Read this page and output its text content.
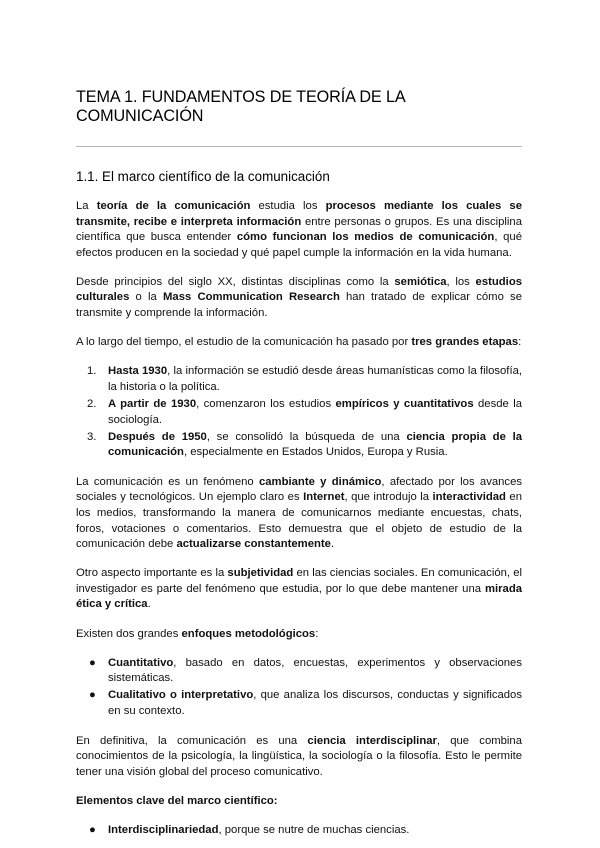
TEMA 1. FUNDAMENTOS DE TEORÍA DE LA COMUNICACIÓN
1.1. El marco científico de la comunicación

La teoría de la comunicación estudia los procesos mediante los cuales se transmite, recibe e interpreta información entre personas o grupos. Es una disciplina científica que busca entender cómo funcionan los medios de comunicación, qué efectos producen en la sociedad y qué papel cumple la información en la vida humana.

Desde principios del siglo XX, distintas disciplinas como la semiótica, los estudios culturales o la Mass Communication Research han tratado de explicar cómo se transmite y comprende la información.

A lo largo del tiempo, el estudio de la comunicación ha pasado por tres grandes etapas:

1. Hasta 1930, la información se estudió desde áreas humanísticas como la filosofía, la historia o la política.
2. A partir de 1930, comenzaron los estudios empíricos y cuantitativos desde la sociología.
3. Después de 1950, se consolidó la búsqueda de una ciencia propia de la comunicación, especialmente en Estados Unidos, Europa y Rusia.

La comunicación es un fenómeno cambiante y dinámico, afectado por los avances sociales y tecnológicos. Un ejemplo claro es Internet, que introdujo la interactividad en los medios, transformando la manera de comunicarnos mediante encuestas, chats, foros, votaciones o comentarios. Esto demuestra que el objeto de estudio de la comunicación debe actualizarse constantemente.

Otro aspecto importante es la subjetividad en las ciencias sociales. En comunicación, el investigador es parte del fenómeno que estudia, por lo que debe mantener una mirada ética y crítica.

Existen dos grandes enfoques metodológicos:

● Cuantitativo, basado en datos, encuestas, experimentos y observaciones sistemáticas.
● Cualitativo o interpretativo, que analiza los discursos, conductas y significados en su contexto.

En definitiva, la comunicación es una ciencia interdisciplinar, que combina conocimientos de la psicología, la lingüística, la sociología o la filosofía. Esto le permite tener una visión global del proceso comunicativo.

Elementos clave del marco científico:

● Interdisciplinariedad, porque se nutre de muchas ciencias.
